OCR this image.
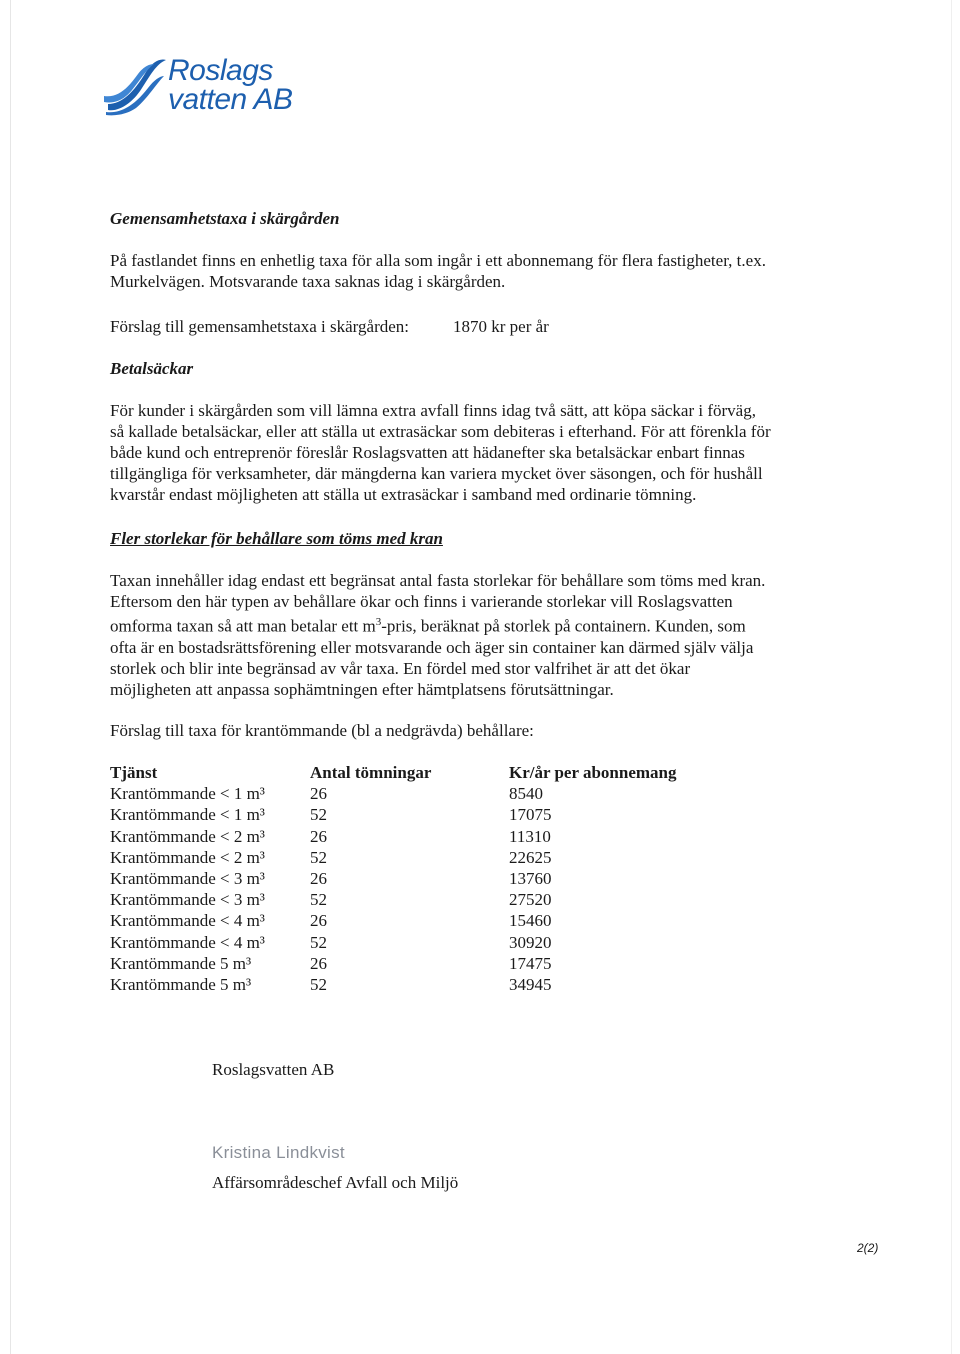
Roslags
vatten AB

Gemensamhetstaxa i skärgården

På fastlandet finns en enhetlig taxa för alla som ingår i ett abonnemang för flera fastigheter, t.ex.
Murkelvägen. Motsvarande taxa saknas idag i skärgården.
Förslag till gemensamhetstaxa i skärgården:	1870 kr per år

Betalsäckar

För kunder i skärgården som vill lämna extra avfall finns idag två sätt, att köpa säckar i förväg,
så kallade betalsäckar, eller att ställa ut extrasäckar som debiteras i efterhand. För att förenkla för
både kund och entreprenör föreslår Roslagsvatten att hädanefter ska betalsäckar enbart finnas
tillgängliga för verksamheter, där mängderna kan variera mycket över säsongen, och för hushåll
kvarstår endast möjligheten att ställa ut extrasäckar i samband med ordinarie tömning.

Fler storlekar för behållare som töms med kran

Taxan innehåller idag endast ett begränsat antal fasta storlekar för behållare som töms med kran.
Eftersom den här typen av behållare ökar och finns i varierande storlekar vill Roslagsvatten
omforma taxan så att man betalar ett $m^3$-pris, beräknat på storlek på containern. Kunden, som
ofta är en bostadsrättsförening eller motsvarande och äger sin container kan därmed själv välja
storlek och blir inte begränsad av vår taxa. En fördel med stor valfrihet är att det ökar
möjligheten att anpassa sophämtningen efter hämtplatsens förutsättningar.

Förslag till taxa för krantömmande (bl a nedgrävda) behållare:

Tjänst	Antal tömningar	Kr/år per abonnemang
Krantömmande < 1 m³	26	8540
Krantömmande < 1 m³	52	17075
Krantömmande < 2 m³	26	11310
Krantömmande < 2 m³	52	22625
Krantömmande < 3 m³	26	13760
Krantömmande < 3 m³	52	27520
Krantömmande < 4 m³	26	15460
Krantömmande < 4 m³	52	30920
Krantömmande 5 m³	26	17475
Krantömmande 5 m³	52	34945
Roslagsvatten AB
Kristina Lindkvist
Affärsområdeschef Avfall och Miljö
2(2)
